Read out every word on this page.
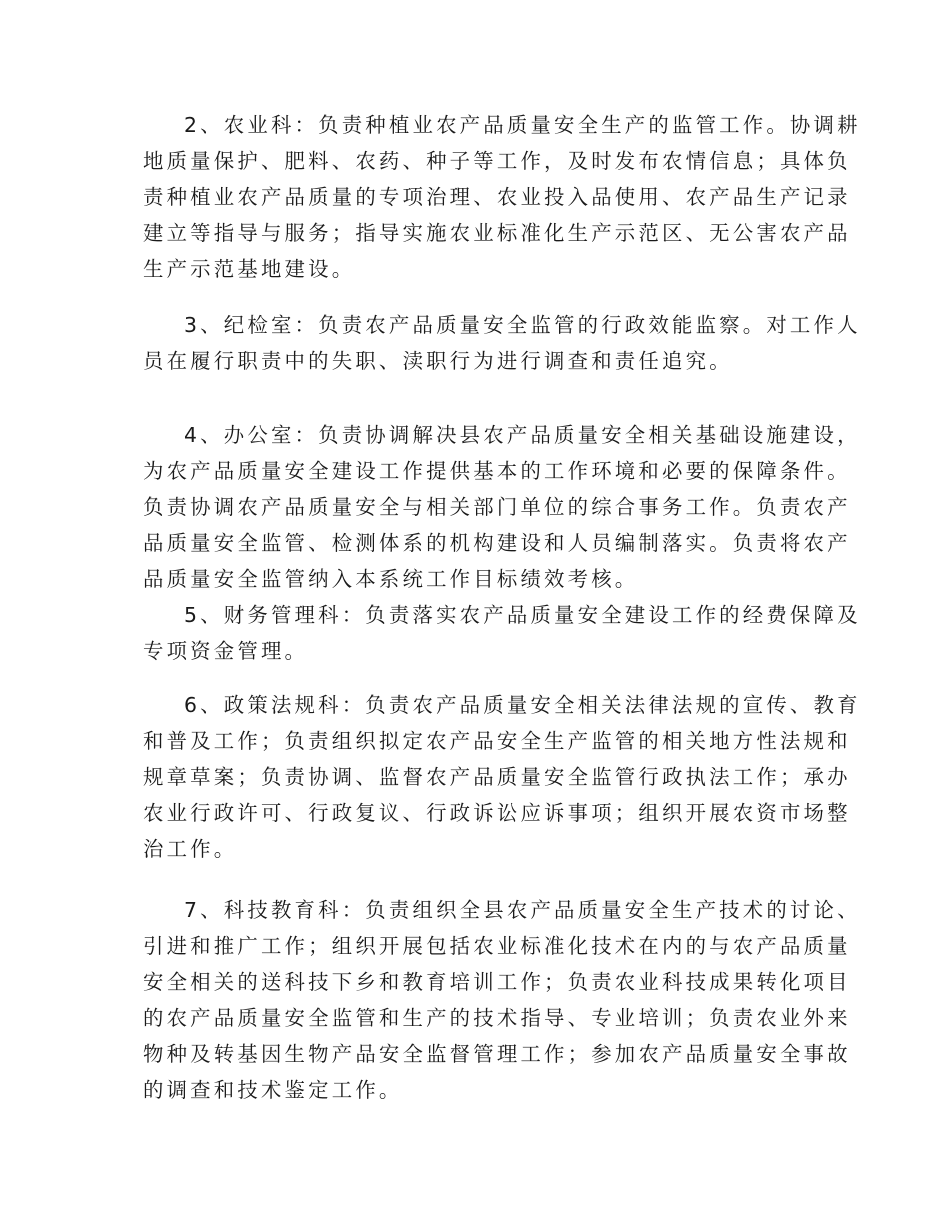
2、农业科：负责种植业农产品质量安全生产的监管工作。协调耕
地质量保护、肥料、农药、种子等工作，及时发布农情信息；具体负
责种植业农产品质量的专项治理、农业投入品使用、农产品生产记录
建立等指导与服务；指导实施农业标准化生产示范区、无公害农产品
生产示范基地建设。
3、纪检室：负责农产品质量安全监管的行政效能监察。对工作人
员在履行职责中的失职、渎职行为进行调查和责任追究。
4、办公室：负责协调解决县农产品质量安全相关基础设施建设，
为农产品质量安全建设工作提供基本的工作环境和必要的保障条件。
负责协调农产品质量安全与相关部门单位的综合事务工作。负责农产
品质量安全监管、检测体系的机构建设和人员编制落实。负责将农产
品质量安全监管纳入本系统工作目标绩效考核。
5、财务管理科：负责落实农产品质量安全建设工作的经费保障及
专项资金管理。
6、政策法规科：负责农产品质量安全相关法律法规的宣传、教育
和普及工作；负责组织拟定农产品安全生产监管的相关地方性法规和
规章草案；负责协调、监督农产品质量安全监管行政执法工作；承办
农业行政许可、行政复议、行政诉讼应诉事项；组织开展农资市场整
治工作。
7、科技教育科：负责组织全县农产品质量安全生产技术的讨论、
引进和推广工作；组织开展包括农业标准化技术在内的与农产品质量
安全相关的送科技下乡和教育培训工作；负责农业科技成果转化项目
的农产品质量安全监管和生产的技术指导、专业培训；负责农业外来
物种及转基因生物产品安全监督管理工作；参加农产品质量安全事故
的调查和技术鉴定工作。
